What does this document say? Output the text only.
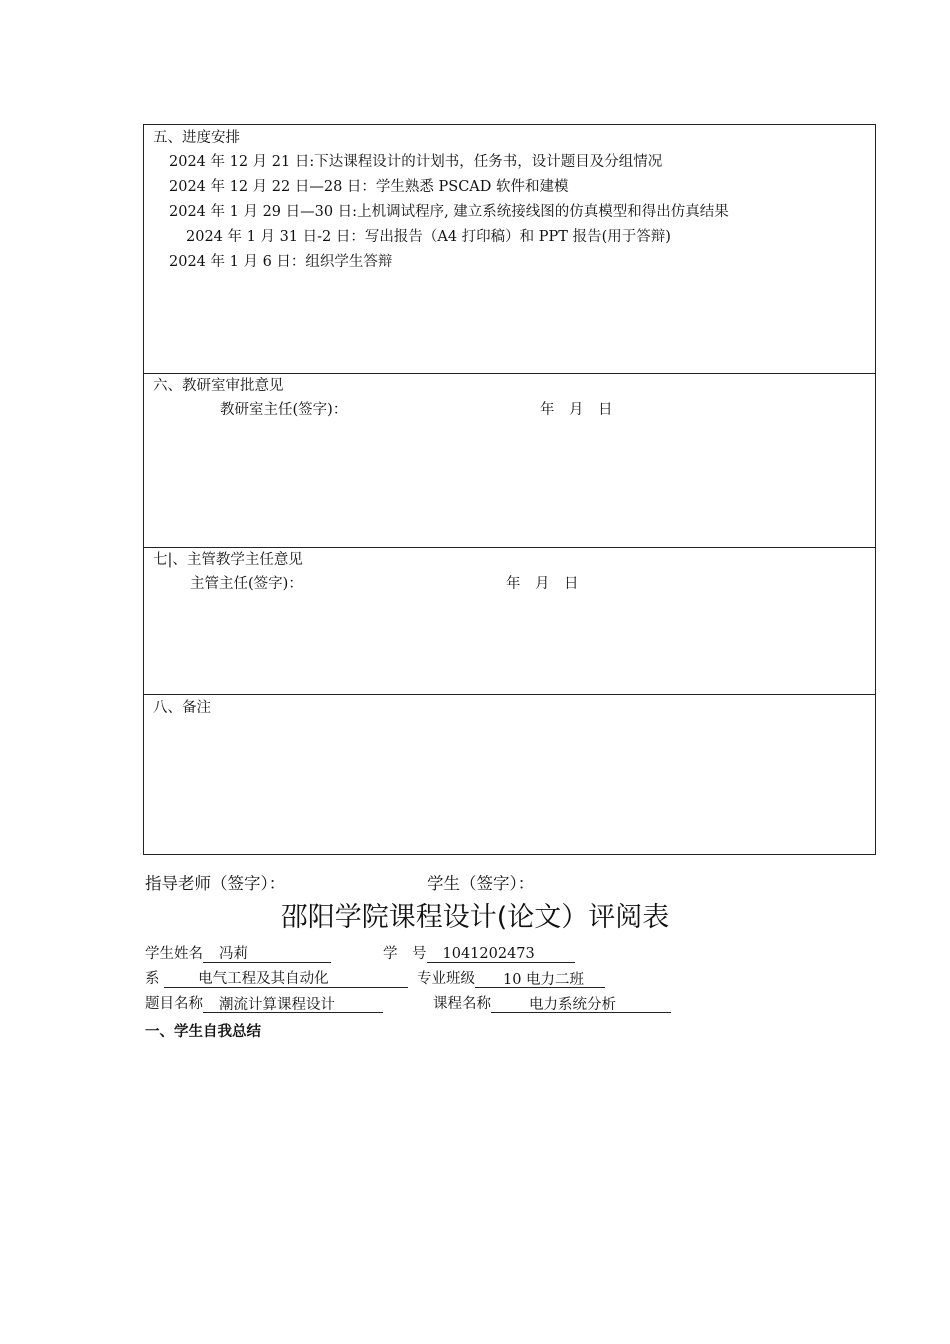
五、进度安排
2024 年 12 月 21 日:下达课程设计的计划书，任务书，设计题目及分组情况
2024 年 12 月 22 日—28 日：学生熟悉 PSCAD 软件和建模
2024 年 1 月 29 日—30 日:上机调试程序, 建立系统接线图的仿真模型和得出仿真结果
2024 年 1 月 31 日-2 日：写出报告（A4 打印稿）和 PPT 报告(用于答辩)
2024 年 1 月 6 日：组织学生答辩
六、教研室审批意见
教研室主任(签字)：	年　月　日
七|、主管教学主任意见
主管主任(签字)：	年　月　日
八、备注
指导老师（签字）：	学生（签字）：
邵阳学院课程设计(论文）评阅表
学生姓名 冯莉	学　号 1041202473
系	电气工程及其自动化	专业班级 10 电力二班
题目名称 潮流计算课程设计	课程名称	电力系统分析
一、学生自我总结
